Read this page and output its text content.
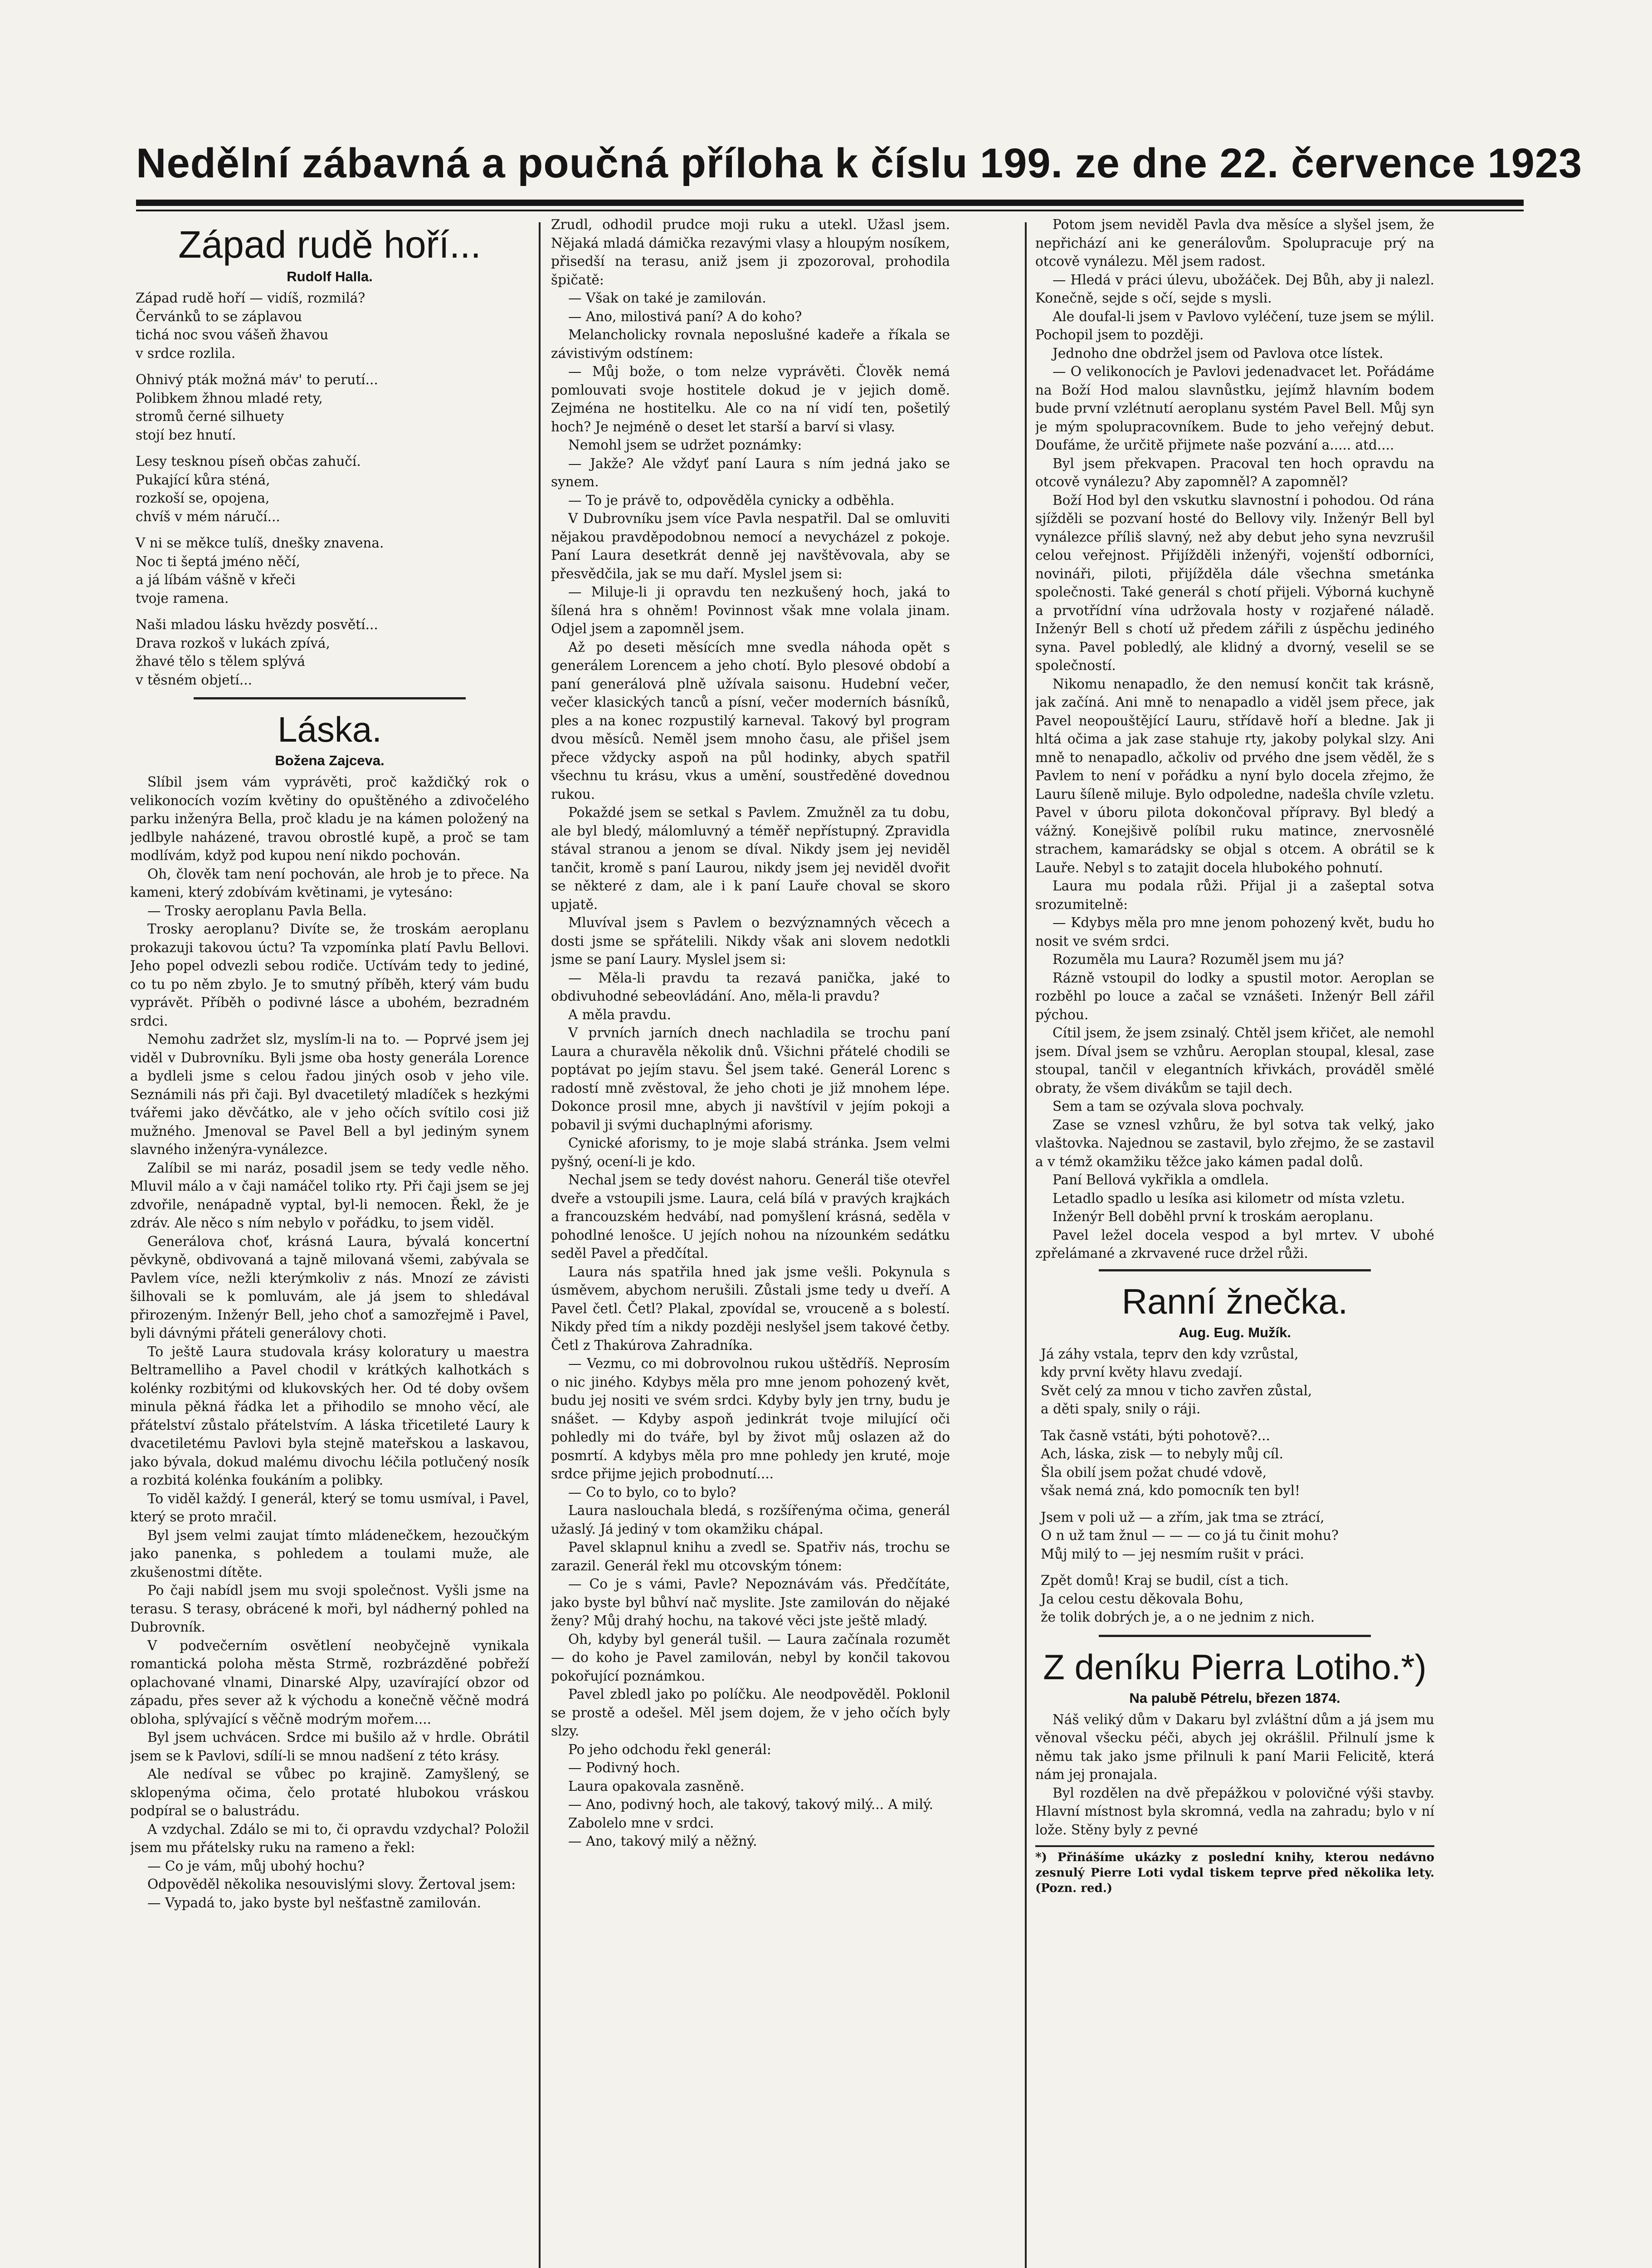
Nedělní zábavná a poučná příloha k číslu 199. ze dne 22. července 1923
Západ rudě hoří...
Rudolf Halla.

Západ rudě hoří — vidíš, rozmilá?
Červánků to se záplavou
tichá noc svou vášeň žhavou
v srdce rozlila.

Ohnivý pták možná máv' to perutí...
Polibkem žhnou mladé rety,
stromů černé silhuety
stojí bez hnutí.

Lesy tesknou píseň občas zahučí.
Pukající kůra sténá,
rozkoší se, opojena,
chvíš v mém náručí...

V ni se měkce tulíš, dnešky znavena.
Noc ti šeptá jméno něčí,
a já líbám vášně v křeči
tvoje ramena.

Naši mladou lásku hvězdy posvětí...
Drava rozkoš v lukách zpívá,
žhavé tělo s tělem splývá
v těsném objetí...

Láska.
Božena Zajceva.

Slíbil jsem vám vyprávěti, proč každičký rok o velikonocích vozím květiny do opuštěného a zdivočelého parku inženýra Bella, proč kladu je na kámen položený na jedlbyle naházené, travou obrostlé kupě, a proč se tam modlívám, když pod kupou není nikdo pochován.

Oh, člověk tam není pochován, ale hrob je to přece. Na kameni, který zdobívám květinami, je vytesáno:

— Trosky aeroplanu Pavla Bella.

Trosky aeroplanu? Divíte se, že troskám aeroplanu prokazuji takovou úctu? Ta vzpomínka platí Pavlu Bellovi. Jeho popel odvezli sebou rodiče. Uctívám tedy to jediné, co tu po něm zbylo. Je to smutný příběh, který vám budu vyprávět. Příběh o podivné lásce a ubohém, bezradném srdci.

Nemohu zadržet slz, myslím-li na to. — Poprvé jsem jej viděl v Dubrovníku. Byli jsme oba hosty generála Lorence a bydleli jsme s celou řadou jiných osob v jeho vile. Seznámili nás při čaji. Byl dvacetiletý mladíček s hezkými tvářemi jako děvčátko, ale v jeho očích svítilo cosi již mužného. Jmenoval se Pavel Bell a byl jediným synem slavného inženýra-vynálezce.

Zalíbil se mi naráz, posadil jsem se tedy vedle něho. Mluvil málo a v čaji namáčel toliko rty. Při čaji jsem se jej zdvořile, nenápadně vyptal, byl-li nemocen. Řekl, že je zdráv. Ale něco s ním nebylo v pořádku, to jsem viděl.

Generálova choť, krásná Laura, bývalá koncertní pěvkyně, obdivovaná a tajně milovaná všemi, zabývala se Pavlem více, nežli kterýmkoliv z nás. Mnozí ze závisti šilhovali se k pomluvám, ale já jsem to shledával přirozeným. Inženýr Bell, jeho choť a samozřejmě i Pavel, byli dávnými přáteli generálovy choti.

To ještě Laura studovala krásy koloratury u maestra Beltramelliho a Pavel chodil v krátkých kalhotkách s kolénky rozbitými od klukovských her. Od té doby ovšem minula pěkná řádka let a přihodilo se mnoho věcí, ale přátelství zůstalo přátelstvím. A láska třicetileté Laury k dvacetiletému Pavlovi byla stejně mateřskou a laskavou, jako bývala, dokud malému divochu léčila potlučený nosík a rozbitá kolénka foukáním a polibky.

To viděl každý. I generál, který se tomu usmíval, i Pavel, který se proto mračil.

Byl jsem velmi zaujat tímto mládenečkem, hezoučkým jako panenka, s pohledem a toulami muže, ale zkušenostmi dítěte.

Po čaji nabídl jsem mu svoji společnost. Vyšli jsme na terasu. S terasy, obrácené k moři, byl nádherný pohled na Dubrovník.

V podvečerním osvětlení neobyčejně vynikala romantická poloha města Strmě, rozbrázděné pobřeží oplachované vlnami, Dinarské Alpy, uzavírající obzor od západu, přes sever až k východu a konečně věčně modrá obloha, splývající s věčně modrým mořem....

Byl jsem uchvácen. Srdce mi bušilo až v hrdle. Obrátil jsem se k Pavlovi, sdílí-li se mnou nadšení z této krásy.

Ale nedíval se vůbec po krajině. Zamyšlený, se sklopenýma očima, čelo protaté hlubokou vráskou podpíral se o balustrádu.

A vzdychal. Zdálo se mi to, či opravdu vzdychal? Položil jsem mu přátelsky ruku na rameno a řekl:

— Co je vám, můj ubohý hochu?

Odpověděl několika nesouvislými slovy. Žertoval jsem:

— Vypadá to, jako byste byl nešťastně zamilován.

Zrudl, odhodil prudce moji ruku a utekl. Užasl jsem. Nějaká mladá dámička rezavými vlasy a hloupým nosíkem, přisedší na terasu, aniž jsem ji zpozoroval, prohodila špičatě:

— Však on také je zamilován.

— Ano, milostivá paní? A do koho?

Melancholicky rovnala neposlušné kadeře a říkala se závistivým odstínem:

— Můj bože, o tom nelze vyprávěti. Člověk nemá pomlouvati svoje hostitele dokud je v jejich domě. Zejména ne hostitelku. Ale co na ní vidí ten, pošetilý hoch? Je nejméně o deset let starší a barví si vlasy.

Nemohl jsem se udržet poznámky:

— Jakže? Ale vždyť paní Laura s ním jedná jako se synem.

— To je právě to, odpověděla cynicky a odběhla.

V Dubrovníku jsem více Pavla nespatřil. Dal se omluviti nějakou pravděpodobnou nemocí a nevycházel z pokoje. Paní Laura desetkrát denně jej navštěvovala, aby se přesvědčila, jak se mu daří. Myslel jsem si:

— Miluje-li ji opravdu ten nezkušený hoch, jaká to šílená hra s ohněm! Povinnost však mne volala jinam. Odjel jsem a zapomněl jsem.

Až po deseti měsících mne svedla náhoda opět s generálem Lorencem a jeho chotí. Bylo plesové období a paní generálová plně užívala saisonu. Hudební večer, večer klasických tanců a písní, večer moderních básníků, ples a na konec rozpustilý karneval. Takový byl program dvou měsíců. Neměl jsem mnoho času, ale přišel jsem přece vždycky aspoň na půl hodinky, abych spatřil všechnu tu krásu, vkus a umění, soustředěné dovednou rukou.

Pokaždé jsem se setkal s Pavlem. Zmužněl za tu dobu, ale byl bledý, málomluvný a téměř nepřístupný. Zpravidla stával stranou a jenom se díval. Nikdy jsem jej neviděl tančit, kromě s paní Laurou, nikdy jsem jej neviděl dvořit se některé z dam, ale i k paní Lauře choval se skoro upjatě.

Mluvíval jsem s Pavlem o bezvýznamných věcech a dosti jsme se spřátelili. Nikdy však ani slovem nedotkli jsme se paní Laury. Myslel jsem si:

— Měla-li pravdu ta rezavá panička, jaké to obdivuhodné sebeovládání. Ano, měla-li pravdu?

A měla pravdu.

V prvních jarních dnech nachladila se trochu paní Laura a churavěla několik dnů. Všichni přátelé chodili se poptávat po jejím stavu. Šel jsem také. Generál Lorenc s radostí mně zvěstoval, že jeho choti je již mnohem lépe. Dokonce prosil mne, abych ji navštívil v jejím pokoji a pobavil ji svými duchaplnými aforismy.

Cynické aforismy, to je moje slabá stránka. Jsem velmi pyšný, ocení-li je kdo.

Nechal jsem se tedy dovést nahoru. Generál tiše otevřel dveře a vstoupili jsme. Laura, celá bílá v pravých krajkách a francouzském hedvábí, nad pomyšlení krásná, seděla v pohodlné lenošce. U jejích nohou na nízounkém sedátku seděl Pavel a předčítal.

Laura nás spatřila hned jak jsme vešli. Pokynula s úsměvem, abychom nerušili. Zůstali jsme tedy u dveří. A Pavel četl. Četl? Plakal, zpovídal se, vrouceně a s bolestí. Nikdy před tím a nikdy později neslyšel jsem takové četby. Četl z Thakúrova Zahradníka.

— Vezmu, co mi dobrovolnou rukou uštědříš. Neprosím o nic jiného. Kdybys měla pro mne jenom pohozený květ, budu jej nositi ve svém srdci. Kdyby byly jen trny, budu je snášet. — Kdyby aspoň jedinkrát tvoje milující oči pohledly mi do tváře, byl by život můj oslazen až do posmrtí. A kdybys měla pro mne pohledy jen kruté, moje srdce přijme jejich probodnutí....

— Co to bylo, co to bylo?

Laura naslouchala bledá, s rozšířenýma očima, generál užaslý. Já jediný v tom okamžiku chápal.

Pavel sklapnul knihu a zvedl se. Spatřiv nás, trochu se zarazil. Generál řekl mu otcovským tónem:

— Co je s vámi, Pavle? Nepoznávám vás. Předčítáte, jako byste byl bůhví nač myslite. Jste zamilován do nějaké ženy? Můj drahý hochu, na takové věci jste ještě mladý.

Oh, kdyby byl generál tušil. — Laura začínala rozumět — do koho je Pavel zamilován, nebyl by končil takovou pokořující poznámkou.

Pavel zbledl jako po políčku. Ale neodpověděl. Poklonil se prostě a odešel. Měl jsem dojem, že v jeho očích byly slzy.

Po jeho odchodu řekl generál:

— Podivný hoch.

Laura opakovala zasněně.

— Ano, podivný hoch, ale takový, takový milý... A milý.

Zabolelo mne v srdci.

— Ano, takový milý a něžný.

Potom jsem neviděl Pavla dva měsíce a slyšel jsem, že nepřichází ani ke generálovům. Spolupracuje prý na otcově vynálezu. Měl jsem radost.

— Hledá v práci úlevu, ubožáček. Dej Bůh, aby ji nalezl. Konečně, sejde s očí, sejde s mysli.

Ale doufal-li jsem v Pavlovo vyléčení, tuze jsem se mýlil. Pochopil jsem to později.

Jednoho dne obdržel jsem od Pavlova otce lístek.

— O velikonocích je Pavlovi jedenadvacet let. Pořádáme na Boží Hod malou slavnůstku, jejímž hlavním bodem bude první vzlétnutí aeroplanu systém Pavel Bell. Můj syn je mým spolupracovníkem. Bude to jeho veřejný debut. Doufáme, že určitě přijmete naše pozvání a..... atd....

Byl jsem překvapen. Pracoval ten hoch opravdu na otcově vynálezu? Aby zapomněl? A zapomněl?

Boží Hod byl den vskutku slavnostní i pohodou. Od rána sjížděli se pozvaní hosté do Bellovy vily. Inženýr Bell byl vynálezce příliš slavný, než aby debut jeho syna nevzrušil celou veřejnost. Přijížděli inženýři, vojenští odborníci, novináři, piloti, přijížděla dále všechna smetánka společnosti. Také generál s chotí přijeli. Výborná kuchyně a prvotřídní vína udržovala hosty v rozjařené náladě. Inženýr Bell s chotí už předem zářili z úspěchu jediného syna. Pavel pobledlý, ale klidný a dvorný, veselil se se společností.

Nikomu nenapadlo, že den nemusí končit tak krásně, jak začíná. Ani mně to nenapadlo a viděl jsem přece, jak Pavel neopouštějící Lauru, střídavě hoří a bledne. Jak ji hltá očima a jak zase stahuje rty, jakoby polykal slzy. Ani mně to nenapadlo, ačkoliv od prvého dne jsem věděl, že s Pavlem to není v pořádku a nyní bylo docela zřejmo, že Lauru šíleně miluje. Bylo odpoledne, nadešla chvíle vzletu. Pavel v úboru pilota dokončoval přípravy. Byl bledý a vážný. Konejšivě políbil ruku matince, znervosnělé strachem, kamarádsky se objal s otcem. A obrátil se k Lauře. Nebyl s to zatajit docela hlubokého pohnutí.

Laura mu podala růži. Přijal ji a zašeptal sotva srozumitelně:

— Kdybys měla pro mne jenom pohozený květ, budu ho nosit ve svém srdci.

Rozuměla mu Laura? Rozuměl jsem mu já?

Rázně vstoupil do lodky a spustil motor. Aeroplan se rozběhl po louce a začal se vznášeti. Inženýr Bell zářil pýchou.

Cítil jsem, že jsem zsinalý. Chtěl jsem křičet, ale nemohl jsem. Díval jsem se vzhůru. Aeroplan stoupal, klesal, zase stoupal, tančil v elegantních křivkách, prováděl smělé obraty, že všem divákům se tajil dech.

Sem a tam se ozývala slova pochvaly.

Zase se vznesl vzhůru, že byl sotva tak velký, jako vlaštovka. Najednou se zastavil, bylo zřejmo, že se zastavil a v témž okamžiku těžce jako kámen padal dolů.

Paní Bellová vykřikla a omdlela.

Letadlo spadlo u lesíka asi kilometr od místa vzletu.

Inženýr Bell doběhl první k troskám aeroplanu.

Pavel ležel docela vespod a byl mrtev. V ubohé zpřelámané a zkrvavené ruce držel růži.

Ranní žnečka.
Aug. Eug. Mužík.

Já záhy vstala, teprv den kdy vzrůstal,
kdy první květy hlavu zvedají.
Svět celý za mnou v ticho zavřen zůstal,
a děti spaly, snily o ráji.

Tak časně vstáti, býti pohotově?...
Ach, láska, zisk — to nebyly můj cíl.
Šla obilí jsem požat chudé vdově,
však nemá zná, kdo pomocník ten byl!

Jsem v poli už — a zřím, jak tma se ztrácí,
O n už tam žnul — — — co já tu činit mohu?
Můj milý to — jej nesmím rušit v práci.

Zpět domů! Kraj se budil, císt a tich.
Ja celou cestu děkovala Bohu,
že tolik dobrých je, a o ne jednim z nich.

Z deníku Pierra Lotiho.*)
Na palubě Pétrelu, březen 1874.

Náš veliký dům v Dakaru byl zvláštní dům a já jsem mu věnoval všecku péči, abych jej okrášlil. Přilnulí jsme k němu tak jako jsme přilnuli k paní Marii Felicitě, která nám jej pronajala.

Byl rozdělen na dvě přepážkou v polovičné výši stavby. Hlavní místnost byla skromná, vedla na zahradu; bylo v ní lože. Stěny byly z pevné

*) Přinášíme ukázky z poslední knihy, kterou nedávno zesnulý Pierre Loti vydal tiskem teprve před několika lety. (Pozn. red.)
